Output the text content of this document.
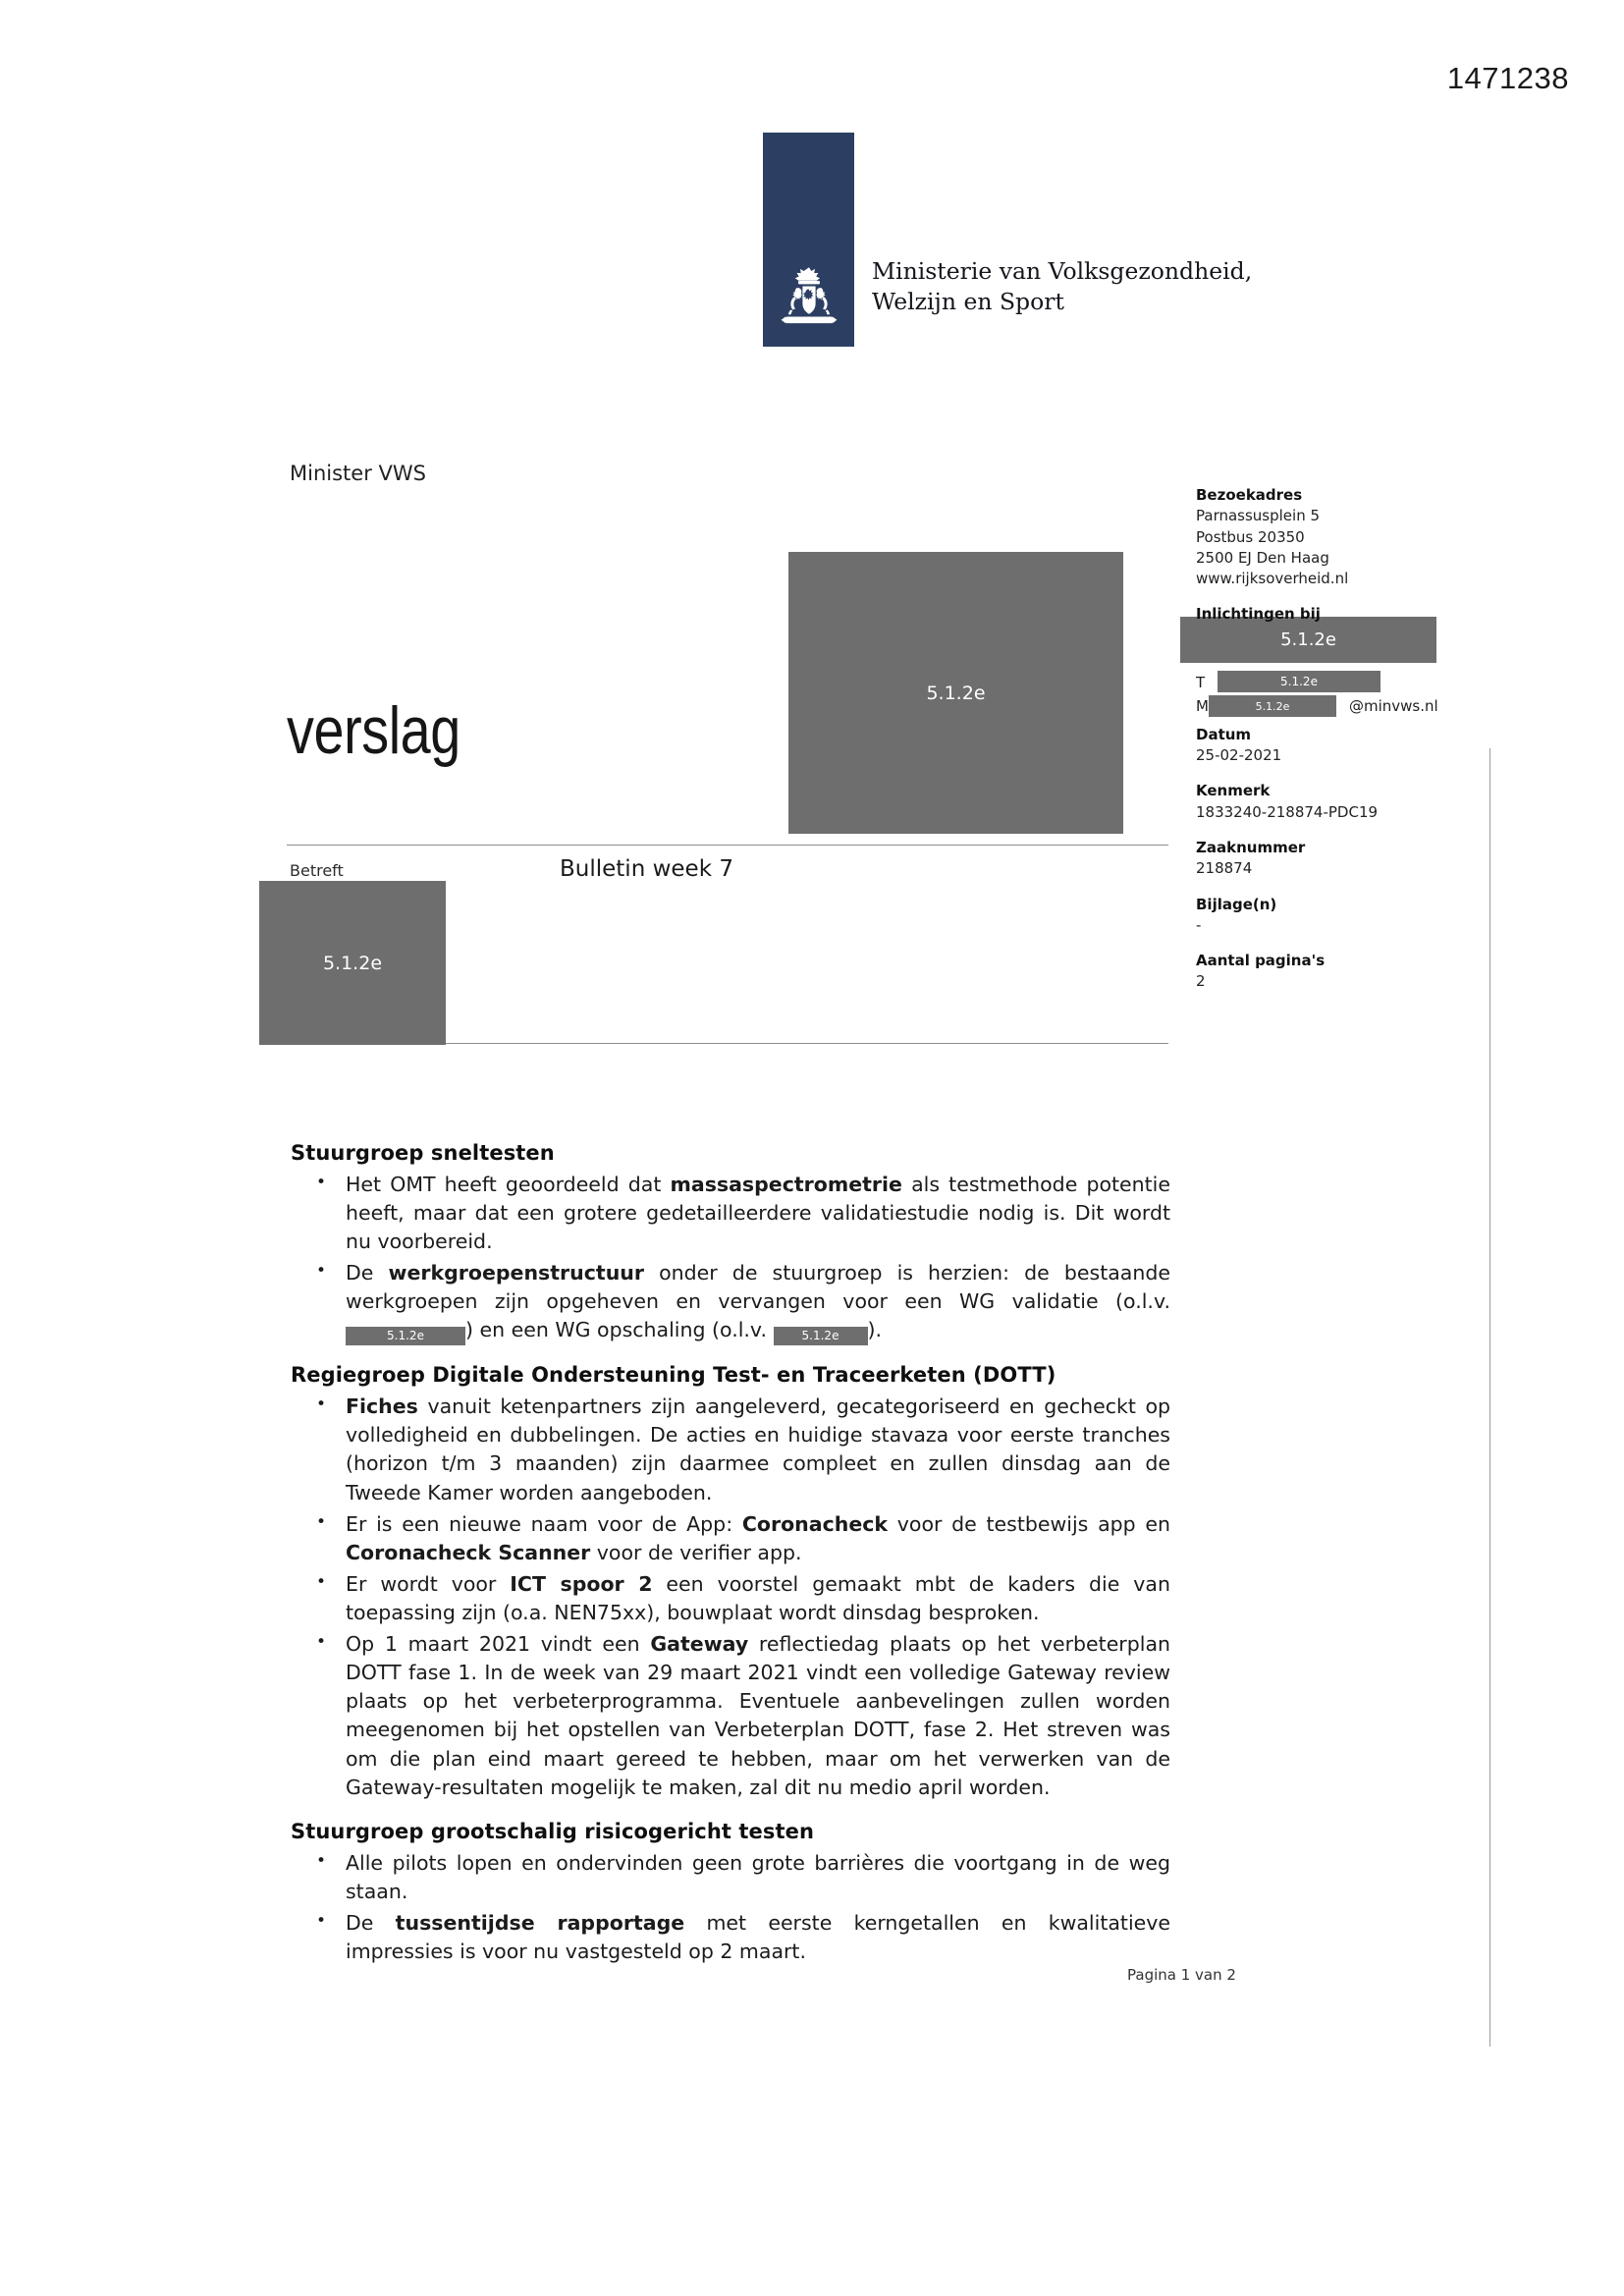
1471238
Ministerie van Volksgezondheid,
Welzijn en Sport
Minister VWS
verslag
Betreft	Bulletin week 7
5.1.2e
5.1.2e
5.1.2e
5.1.2e
5.1.2e
Bezoekadres
Parnassusplein 5
Postbus 20350
2500 EJ Den Haag
www.rijksoverheid.nl
Inlichtingen bij
T
M	@minvws.nl
Datum
25-02-2021
Kenmerk
1833240-218874-PDC19
Zaaknummer
218874
Bijlage(n)
-
Aantal pagina's
2
Stuurgroep sneltesten
• Het OMT heeft geoordeeld dat massaspectrometrie als testmethode potentie heeft, maar dat een grotere gedetailleerdere validatiestudie nodig is. Dit wordt nu voorbereid.
• De werkgroepenstructuur onder de stuurgroep is herzien: de bestaande werkgroepen zijn opgeheven en vervangen voor een WG validatie (o.l.v. 5.1.2e ) en een WG opschaling (o.l.v. 5.1.2e ).
Regiegroep Digitale Ondersteuning Test- en Traceerketen (DOTT)
• Fiches vanuit ketenpartners zijn aangeleverd, gecategoriseerd en gecheckt op volledigheid en dubbelingen. De acties en huidige stavaza voor eerste tranches (horizon t/m 3 maanden) zijn daarmee compleet en zullen dinsdag aan de Tweede Kamer worden aangeboden.
• Er is een nieuwe naam voor de App: Coronacheck voor de testbewijs app en Coronacheck Scanner voor de verifier app.
• Er wordt voor ICT spoor 2 een voorstel gemaakt mbt de kaders die van toepassing zijn (o.a. NEN75xx), bouwplaat wordt dinsdag besproken.
• Op 1 maart 2021 vindt een Gateway reflectiedag plaats op het verbeterplan DOTT fase 1. In de week van 29 maart 2021 vindt een volledige Gateway review plaats op het verbeterprogramma. Eventuele aanbevelingen zullen worden meegenomen bij het opstellen van Verbeterplan DOTT, fase 2. Het streven was om die plan eind maart gereed te hebben, maar om het verwerken van de Gateway-resultaten mogelijk te maken, zal dit nu medio april worden.
Stuurgroep grootschalig risicogericht testen
• Alle pilots lopen en ondervinden geen grote barrières die voortgang in de weg staan.
• De tussentijdse rapportage met eerste kerngetallen en kwalitatieve impressies is voor nu vastgesteld op 2 maart.
Pagina 1 van 2
